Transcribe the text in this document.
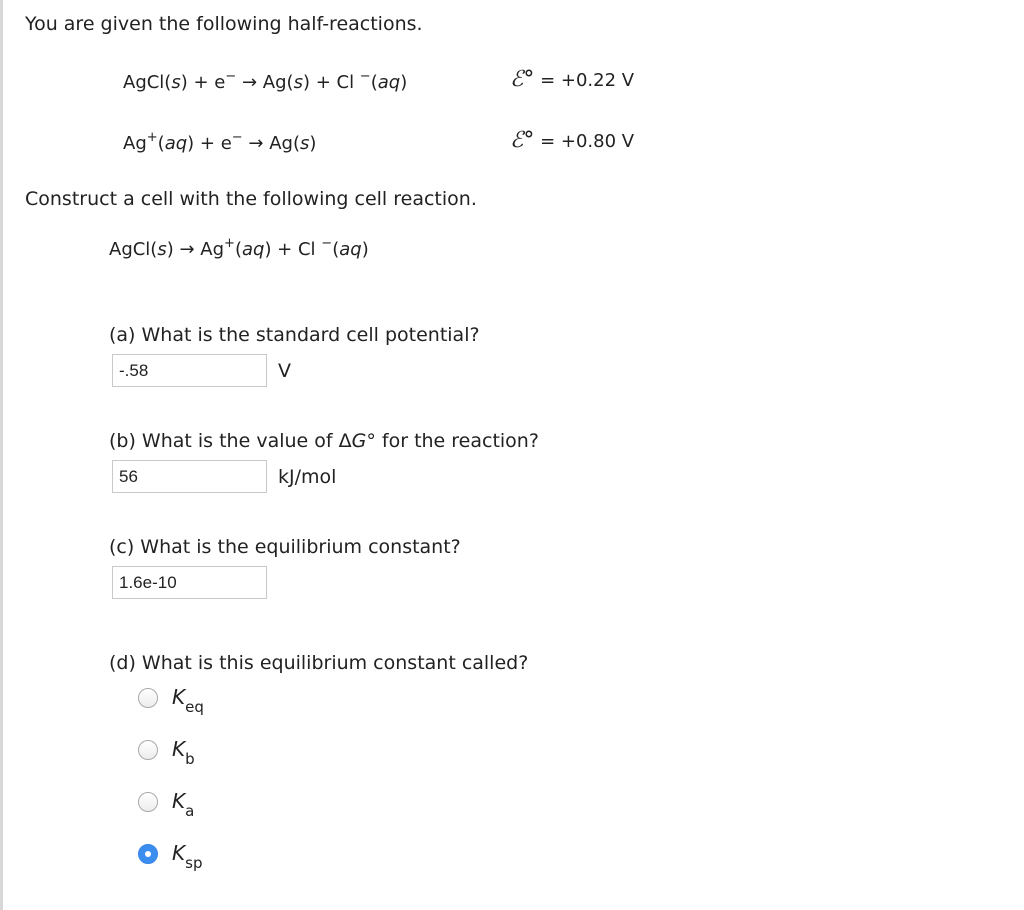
You are given the following half-reactions.
AgCl(s) + e− → Ag(s) + Cl −(aq)	ℰ° = +0.22 V
Ag+(aq) + e− → Ag(s)	ℰ° = +0.80 V
Construct a cell with the following cell reaction.
AgCl(s) → Ag+(aq) + Cl −(aq)
(a) What is the standard cell potential?
-.58	V
(b) What is the value of ΔG° for the reaction?
56	kJ/mol
(c) What is the equilibrium constant?
1.6e-10
(d) What is this equilibrium constant called?
$K_{eq}$
$K_b$
$K_a$
$K_{sp}$
